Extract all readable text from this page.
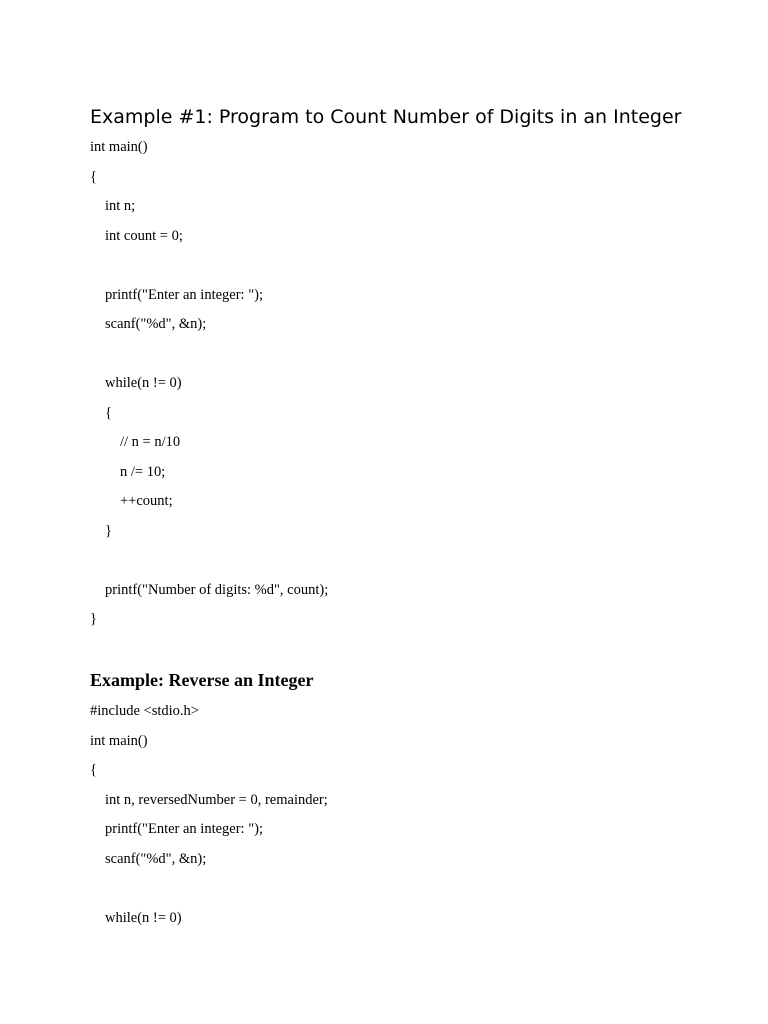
Example #1: Program to Count Number of Digits in an Integer
int main()
{
int n;
int count = 0;
printf("Enter an integer: ");
scanf("%d", &n);
while(n != 0)
{
// n = n/10
n /= 10;
++count;
}
printf("Number of digits: %d", count);
}
Example: Reverse an Integer
#include <stdio.h>
int main()
{
int n, reversedNumber = 0, remainder;
printf("Enter an integer: ");
scanf("%d", &n);
while(n != 0)
